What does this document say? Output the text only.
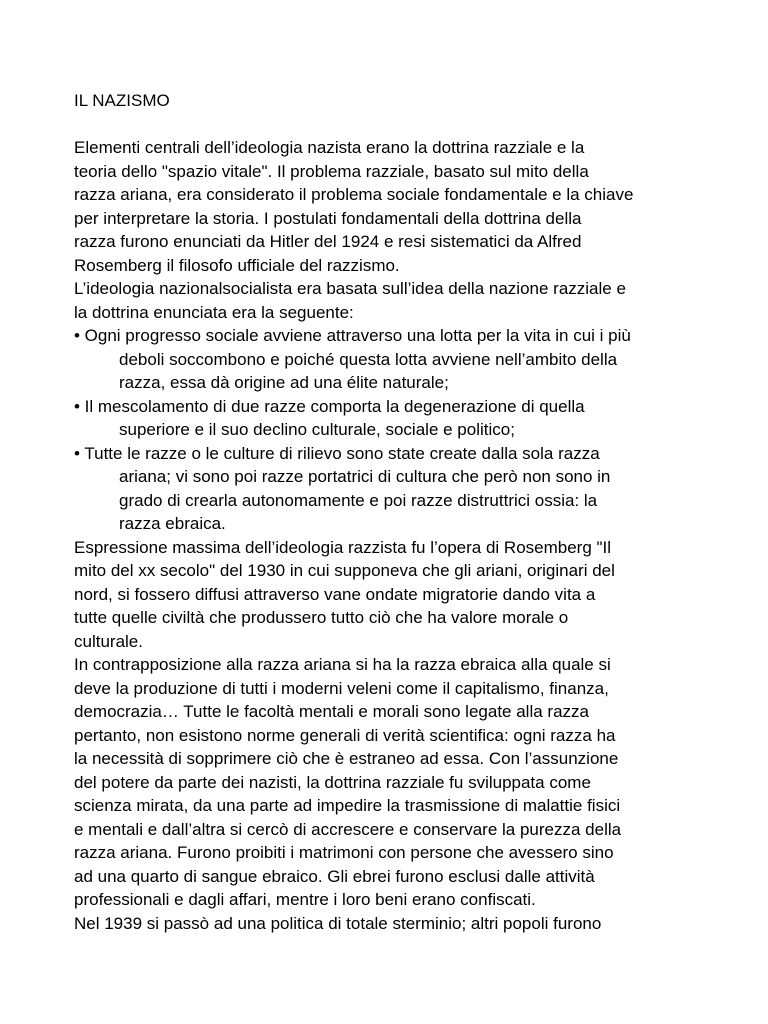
IL NAZISMO
Elementi centrali dell’ideologia nazista erano la dottrina razziale e la
teoria dello "spazio vitale". Il problema razziale, basato sul mito della
razza ariana, era considerato il problema sociale fondamentale e la chiave
per interpretare la storia. I postulati fondamentali della dottrina della
razza furono enunciati da Hitler del 1924 e resi sistematici da Alfred
Rosemberg il filosofo ufficiale del razzismo.
L’ideologia nazionalsocialista era basata sull’idea della nazione razziale e
la dottrina enunciata era la seguente:
• Ogni progresso sociale avviene attraverso una lotta per la vita in cui i più
deboli soccombono e poiché questa lotta avviene nell’ambito della
razza, essa dà origine ad una élite naturale;
• Il mescolamento di due razze comporta la degenerazione di quella
superiore e il suo declino culturale, sociale e politico;
• Tutte le razze o le culture di rilievo sono state create dalla sola razza
ariana; vi sono poi razze portatrici di cultura che però non sono in
grado di crearla autonomamente e poi razze distruttrici ossia: la
razza ebraica.
Espressione massima dell’ideologia razzista fu l’opera di Rosemberg "Il
mito del xx secolo" del 1930 in cui supponeva che gli ariani, originari del
nord, si fossero diffusi attraverso vane ondate migratorie dando vita a
tutte quelle civiltà che produssero tutto ciò che ha valore morale o
culturale.
In contrapposizione alla razza ariana si ha la razza ebraica alla quale si
deve la produzione di tutti i moderni veleni come il capitalismo, finanza,
democrazia… Tutte le facoltà mentali e morali sono legate alla razza
pertanto, non esistono norme generali di verità scientifica: ogni razza ha
la necessità di sopprimere ciò che è estraneo ad essa. Con l’assunzione
del potere da parte dei nazisti, la dottrina razziale fu sviluppata come
scienza mirata, da una parte ad impedire la trasmissione di malattie fisici
e mentali e dall’altra si cercò di accrescere e conservare la purezza della
razza ariana. Furono proibiti i matrimoni con persone che avessero sino
ad una quarto di sangue ebraico. Gli ebrei furono esclusi dalle attività
professionali e dagli affari, mentre i loro beni erano confiscati.
Nel 1939 si passò ad una politica di totale sterminio; altri popoli furono
